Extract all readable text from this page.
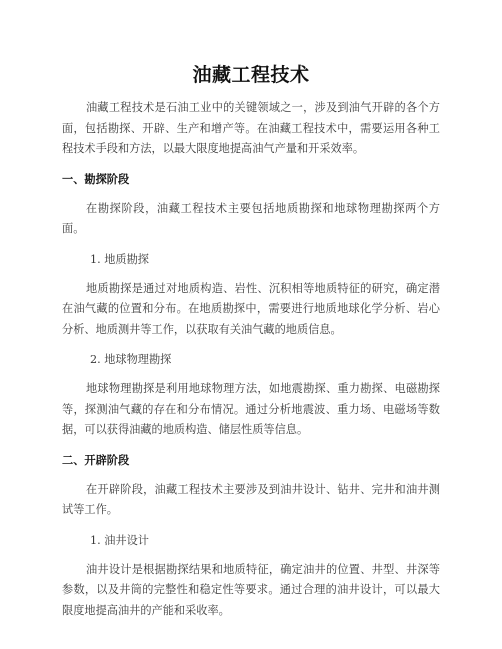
油藏工程技术

油藏工程技术是石油工业中的关键领域之一，涉及到油气开辟的各个方面，包括勘探、开辟、生产和增产等。在油藏工程技术中，需要运用各种工程技术手段和方法，以最大限度地提高油气产量和开采效率。

一、勘探阶段

在勘探阶段，油藏工程技术主要包括地质勘探和地球物理勘探两个方面。

1. 地质勘探

地质勘探是通过对地质构造、岩性、沉积相等地质特征的研究，确定潜在油气藏的位置和分布。在地质勘探中，需要进行地质地球化学分析、岩心分析、地质测井等工作，以获取有关油气藏的地质信息。

2. 地球物理勘探

地球物理勘探是利用地球物理方法，如地震勘探、重力勘探、电磁勘探等，探测油气藏的存在和分布情况。通过分析地震波、重力场、电磁场等数据，可以获得油藏的地质构造、储层性质等信息。

二、开辟阶段

在开辟阶段，油藏工程技术主要涉及到油井设计、钻井、完井和油井测试等工作。

1. 油井设计

油井设计是根据勘探结果和地质特征，确定油井的位置、井型、井深等参数，以及井筒的完整性和稳定性等要求。通过合理的油井设计，可以最大限度地提高油井的产能和采收率。
